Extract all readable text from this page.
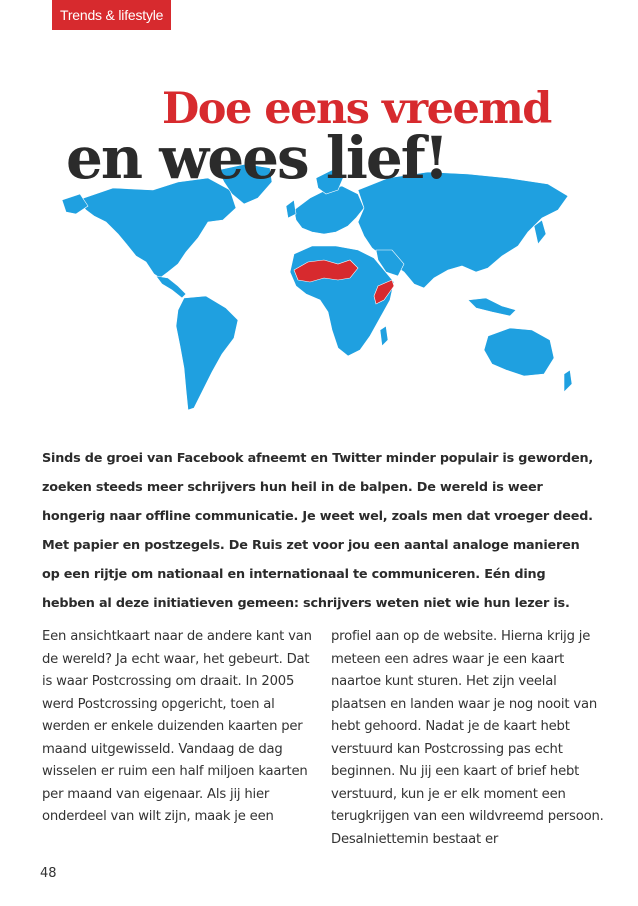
Trends & lifestyle
Doe eens vreemd
en wees lief!

Sinds de groei van Facebook afneemt en Twitter minder populair is geworden, zoeken steeds meer schrijvers hun heil in de balpen. De wereld is weer hongerig naar offline communicatie. Je weet wel, zoals men dat vroeger deed. Met papier en postzegels. De Ruis zet voor jou een aantal analoge manieren op een rijtje om nationaal en internationaal te communiceren. Eén ding hebben al deze initiatieven gemeen: schrijvers weten niet wie hun lezer is.

Een ansichtkaart naar de andere kant van de wereld? Ja echt waar, het gebeurt. Dat is waar Postcrossing om draait. In 2005 werd Postcrossing opgericht, toen al werden er enkele duizenden kaarten per maand uitgewisseld. Vandaag de dag wisselen er ruim een half miljoen kaarten per maand van eigenaar. Als jij hier onderdeel van wilt zijn, maak je een

profiel aan op de website. Hierna krijg je meteen een adres waar je een kaart naartoe kunt sturen. Het zijn veelal plaatsen en landen waar je nog nooit van hebt gehoord. Nadat je de kaart hebt verstuurd kan Postcrossing pas echt beginnen. Nu jij een kaart of brief hebt verstuurd, kun je er elk moment een terugkrijgen van een wildvreemd persoon. Desalniettemin bestaat er

48
